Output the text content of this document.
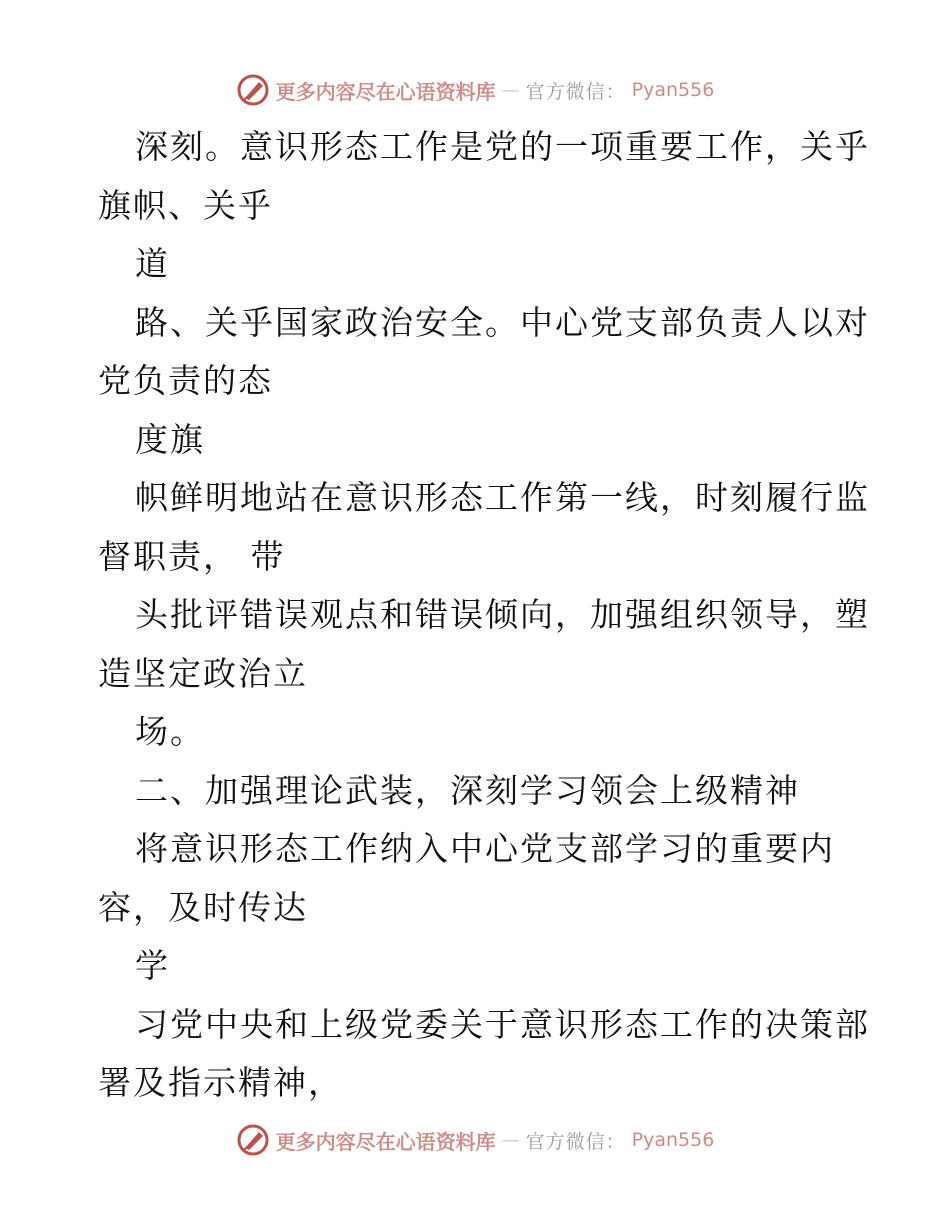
更多内容尽在心语资料库 — 官方微信： Pyan556
深刻。意识形态工作是党的一项重要工作，关乎
旗帜、关乎
道
路、关乎国家政治安全。中心党支部负责人以对
党负责的态
度旗
帜鲜明地站在意识形态工作第一线，时刻履行监
督职责， 带
头批评错误观点和错误倾向，加强组织领导，塑
造坚定政治立
场。
二、加强理论武装，深刻学习领会上级精神
将意识形态工作纳入中心党支部学习的重要内
容，及时传达
学
习党中央和上级党委关于意识形态工作的决策部
署及指示精神，
更多内容尽在心语资料库 — 官方微信： Pyan556
